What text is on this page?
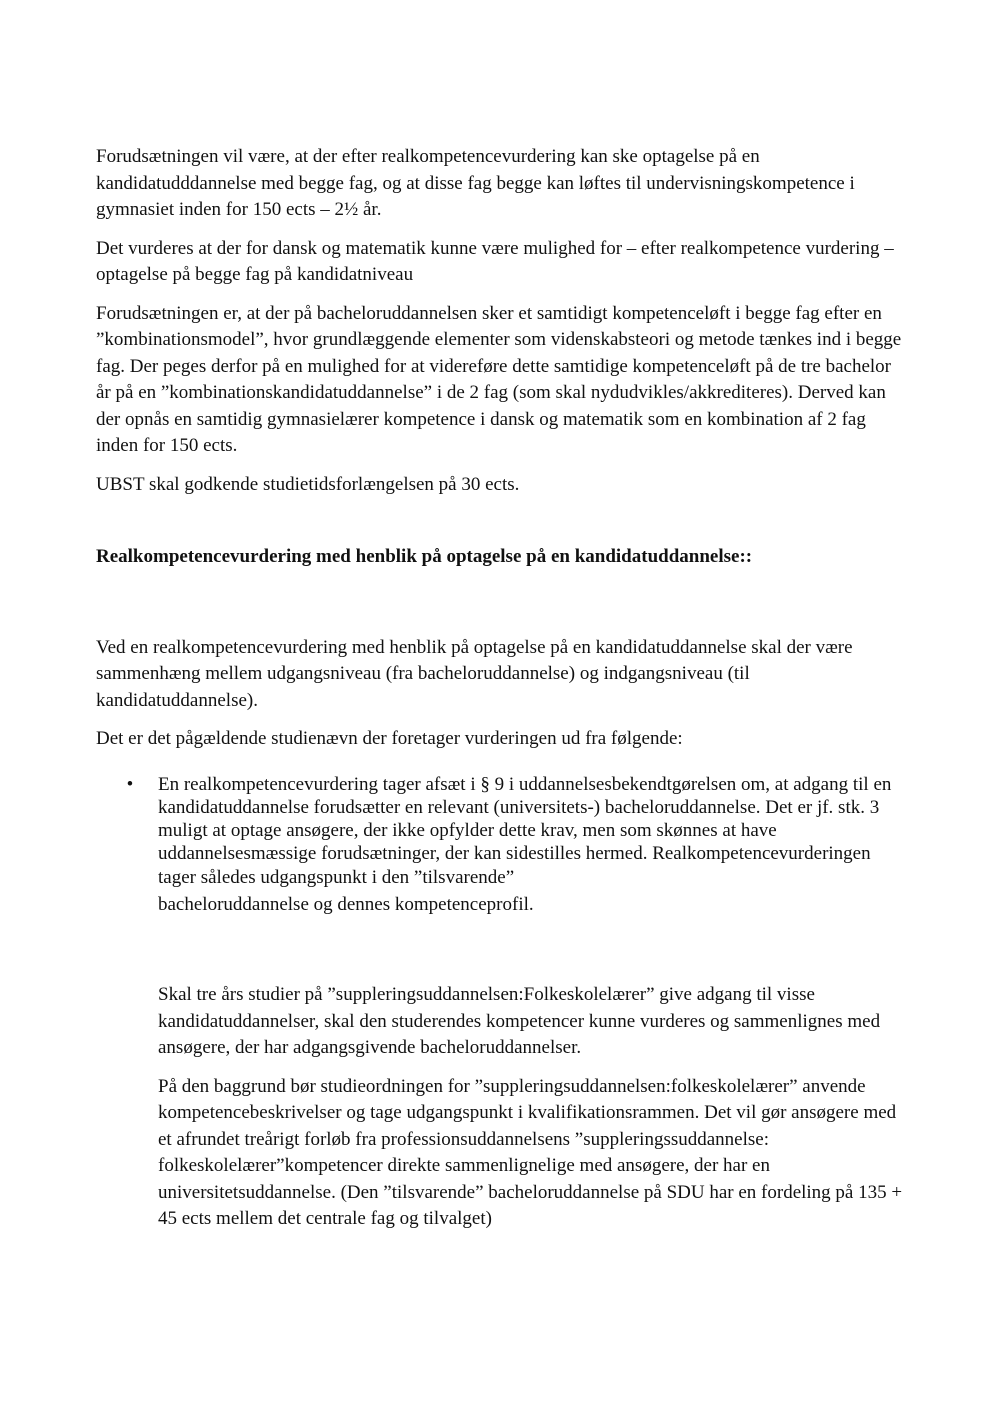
Forudsætningen vil være, at der efter realkompetencevurdering kan ske optagelse på en kandidatudddannelse med begge fag, og at disse fag begge kan løftes til undervisningskompetence i gymnasiet inden for 150 ects – 2½ år.

Det vurderes at der for dansk og matematik kunne være mulighed for – efter realkompetence vurdering – optagelse på begge fag på kandidatniveau

Forudsætningen er, at der på bacheloruddannelsen sker et samtidigt kompetenceløft i begge fag efter en ”kombinationsmodel”, hvor grundlæggende elementer som videnskabsteori og metode tænkes ind i begge fag. Der peges derfor på en mulighed for at videreføre dette samtidige kompetenceløft på de tre bachelor år på en ”kombinationskandidatuddannelse” i de 2 fag (som skal nydudvikles/akkrediteres). Derved kan der opnås en samtidig gymnasielærer kompetence i dansk og matematik som en kombination af 2 fag inden for 150 ects.

UBST skal godkende studietidsforlængelsen på 30 ects.

Realkompetencevurdering med henblik på optagelse på en kandidatuddannelse::

Ved en realkompetencevurdering med henblik på optagelse på en kandidatuddannelse skal der være sammenhæng mellem udgangsniveau (fra bacheloruddannelse) og indgangsniveau (til kandidatuddannelse).

Det er det pågældende studienævn der foretager vurderingen ud fra følgende:

• En realkompetencevurdering tager afsæt i § 9 i uddannelsesbekendtgørelsen om, at adgang til en kandidatuddannelse forudsætter en relevant (universitets-) bacheloruddannelse. Det er jf. stk. 3 muligt at optage ansøgere, der ikke opfylder dette krav, men som skønnes at have uddannelsesmæssige forudsætninger, der kan sidestilles hermed. Realkompetencevurderingen tager således udgangspunkt i den ”tilsvarende”
bacheloruddannelse og dennes kompetenceprofil.

Skal tre års studier på ”suppleringsuddannelsen:Folkeskolelærer” give adgang til visse kandidatuddannelser, skal den studerendes kompetencer kunne vurderes og sammenlignes med ansøgere, der har adgangsgivende bacheloruddannelser.

På den baggrund bør studieordningen for ”suppleringsuddannelsen:folkeskolelærer” anvende kompetencebeskrivelser og tage udgangspunkt i kvalifikationsrammen. Det vil gør ansøgere med et afrundet treårigt forløb fra professionsuddannelsens ”suppleringssuddannelse: folkeskolelærer”kompetencer direkte sammenlignelige med ansøgere, der har en universitetsuddannelse. (Den ”tilsvarende” bacheloruddannelse på SDU har en fordeling på 135 + 45 ects mellem det centrale fag og tilvalget)
